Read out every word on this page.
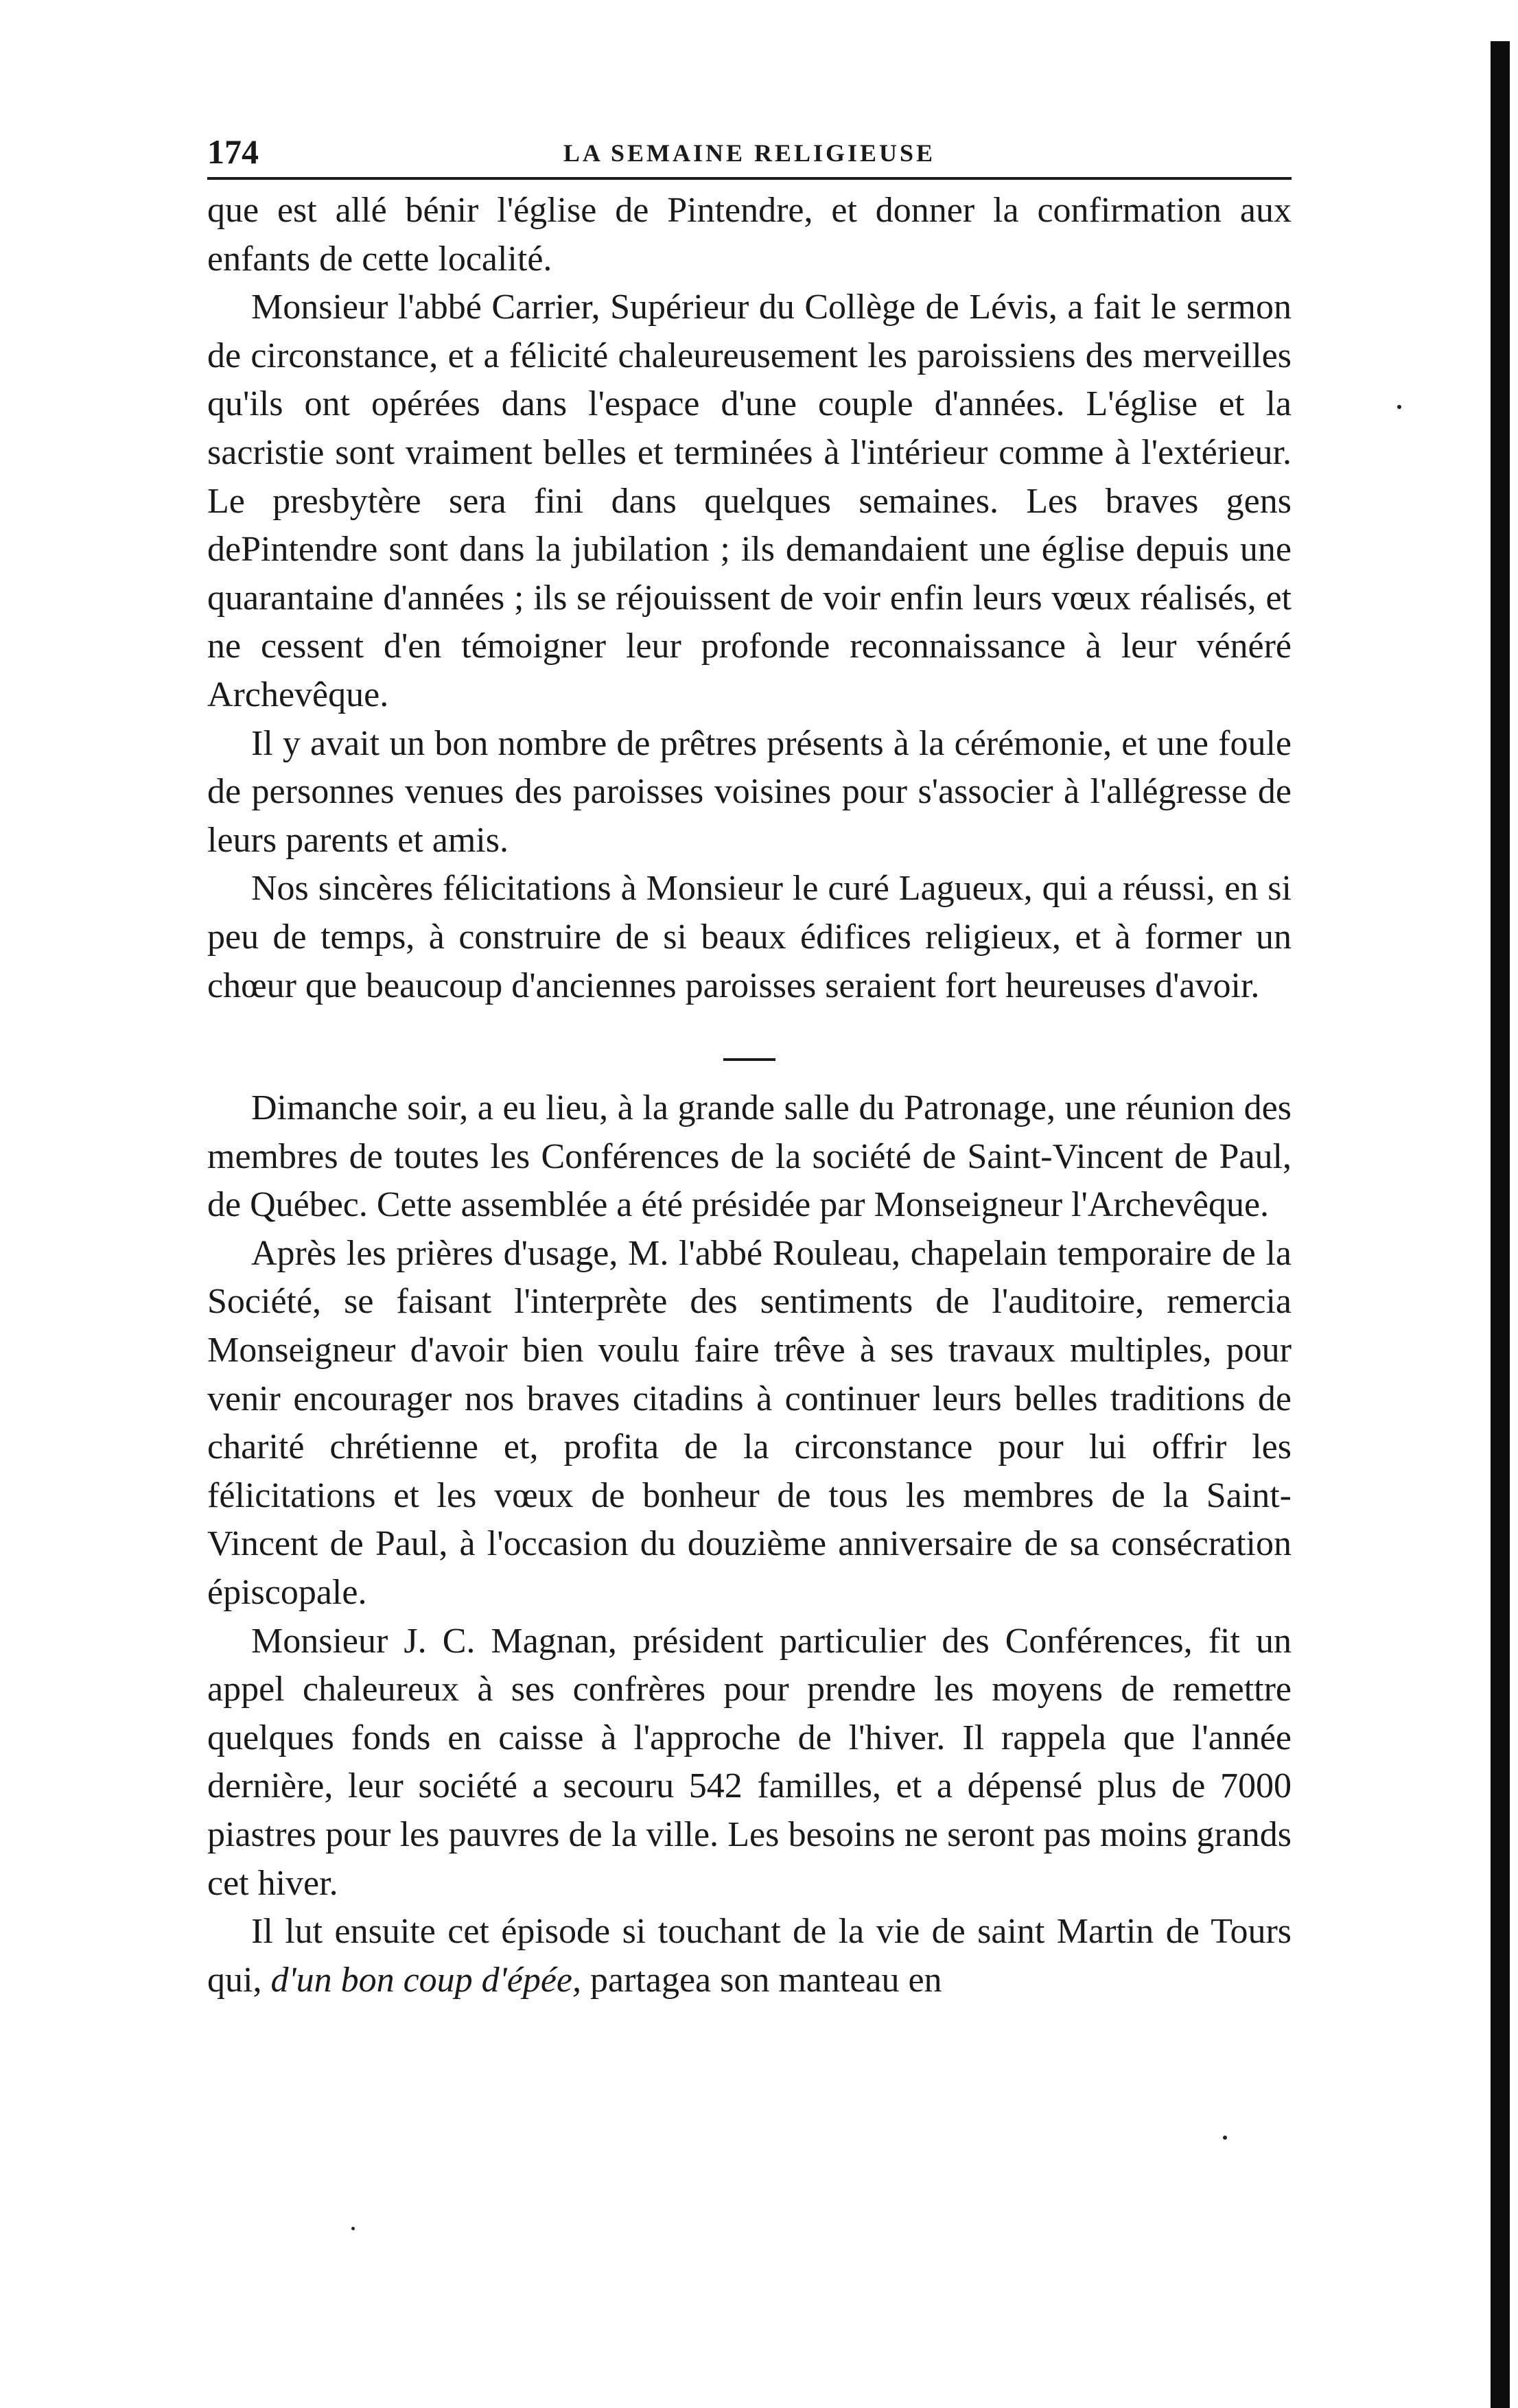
174	LA SEMAINE RELIGIEUSE

que est allé bénir l'église de Pintendre, et donner la confirmation aux enfants de cette localité.

Monsieur l'abbé Carrier, Supérieur du Collège de Lévis, a fait le sermon de circonstance, et a félicité chaleureusement les paroissiens des merveilles qu'ils ont opérées dans l'espace d'une couple d'années. L'église et la sacristie sont vraiment belles et terminées à l'intérieur comme à l'extérieur. Le presbytère sera fini dans quelques semaines. Les braves gens dePintendre sont dans la jubilation ; ils demandaient une église depuis une quarantaine d'années ; ils se réjouissent de voir enfin leurs vœux réalisés, et ne cessent d'en témoigner leur profonde reconnaissance à leur vénéré Archevêque.

Il y avait un bon nombre de prêtres présents à la cérémonie, et une foule de personnes venues des paroisses voisines pour s'associer à l'allégresse de leurs parents et amis.

Nos sincères félicitations à Monsieur le curé Lagueux, qui a réussi, en si peu de temps, à construire de si beaux édifices religieux, et à former un chœur que beaucoup d'anciennes paroisses seraient fort heureuses d'avoir.

Dimanche soir, a eu lieu, à la grande salle du Patronage, une réunion des membres de toutes les Conférences de la société de Saint-Vincent de Paul, de Québec. Cette assemblée a été présidée par Monseigneur l'Archevêque.

Après les prières d'usage, M. l'abbé Rouleau, chapelain temporaire de la Société, se faisant l'interprète des sentiments de l'auditoire, remercia Monseigneur d'avoir bien voulu faire trêve à ses travaux multiples, pour venir encourager nos braves citadins à continuer leurs belles traditions de charité chrétienne et, profita de la circonstance pour lui offrir les félicitations et les vœux de bonheur de tous les membres de la Saint-Vincent de Paul, à l'occasion du douzième anniversaire de sa consécration épiscopale.

Monsieur J. C. Magnan, président particulier des Conférences, fit un appel chaleureux à ses confrères pour prendre les moyens de remettre quelques fonds en caisse à l'approche de l'hiver. Il rappela que l'année dernière, leur société a secouru 542 familles, et a dépensé plus de 7000 piastres pour les pauvres de la ville. Les besoins ne seront pas moins grands cet hiver.

Il lut ensuite cet épisode si touchant de la vie de saint Martin de Tours qui, d'un bon coup d'épée, partagea son manteau en
